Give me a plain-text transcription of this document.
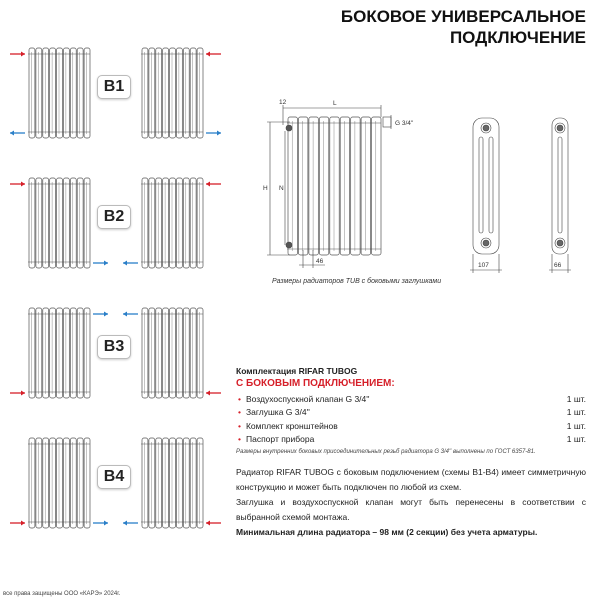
БОКОВОЕ УНИВЕРСАЛЬНОЕ
ПОДКЛЮЧЕНИЕ
B1
B2
B3
B4
L
12
G 3/4''
H N
46
107	66
Размеры радиаторов TUB с боковыми заглушками
Комплектация RIFAR TUBOG
С БОКОВЫМ ПОДКЛЮЧЕНИЕМ:
• Воздухоспускной клапан G 3/4''	1 шт.
• Заглушка G 3/4''	1 шт.
• Комплект кронштейнов	1 шт.
• Паспорт прибора	1 шт.
Размеры внутренних боковых присоединительных резьб радиатора G 3/4'' выполнены по ГОСТ 6357-81.

Радиатор RIFAR TUBOG с боковым подключением (схемы B1-B4) имеет симметричную конструкцию и может быть подключен по любой из схем.

Заглушка и воздухоспускной клапан могут быть перенесены в соответствии с выбранной схемой монтажа.

Минимальная длина радиатора – 98 мм (2 секции) без учета арматуры.

все права защищены ООО «КАРЭ» 2024г.
